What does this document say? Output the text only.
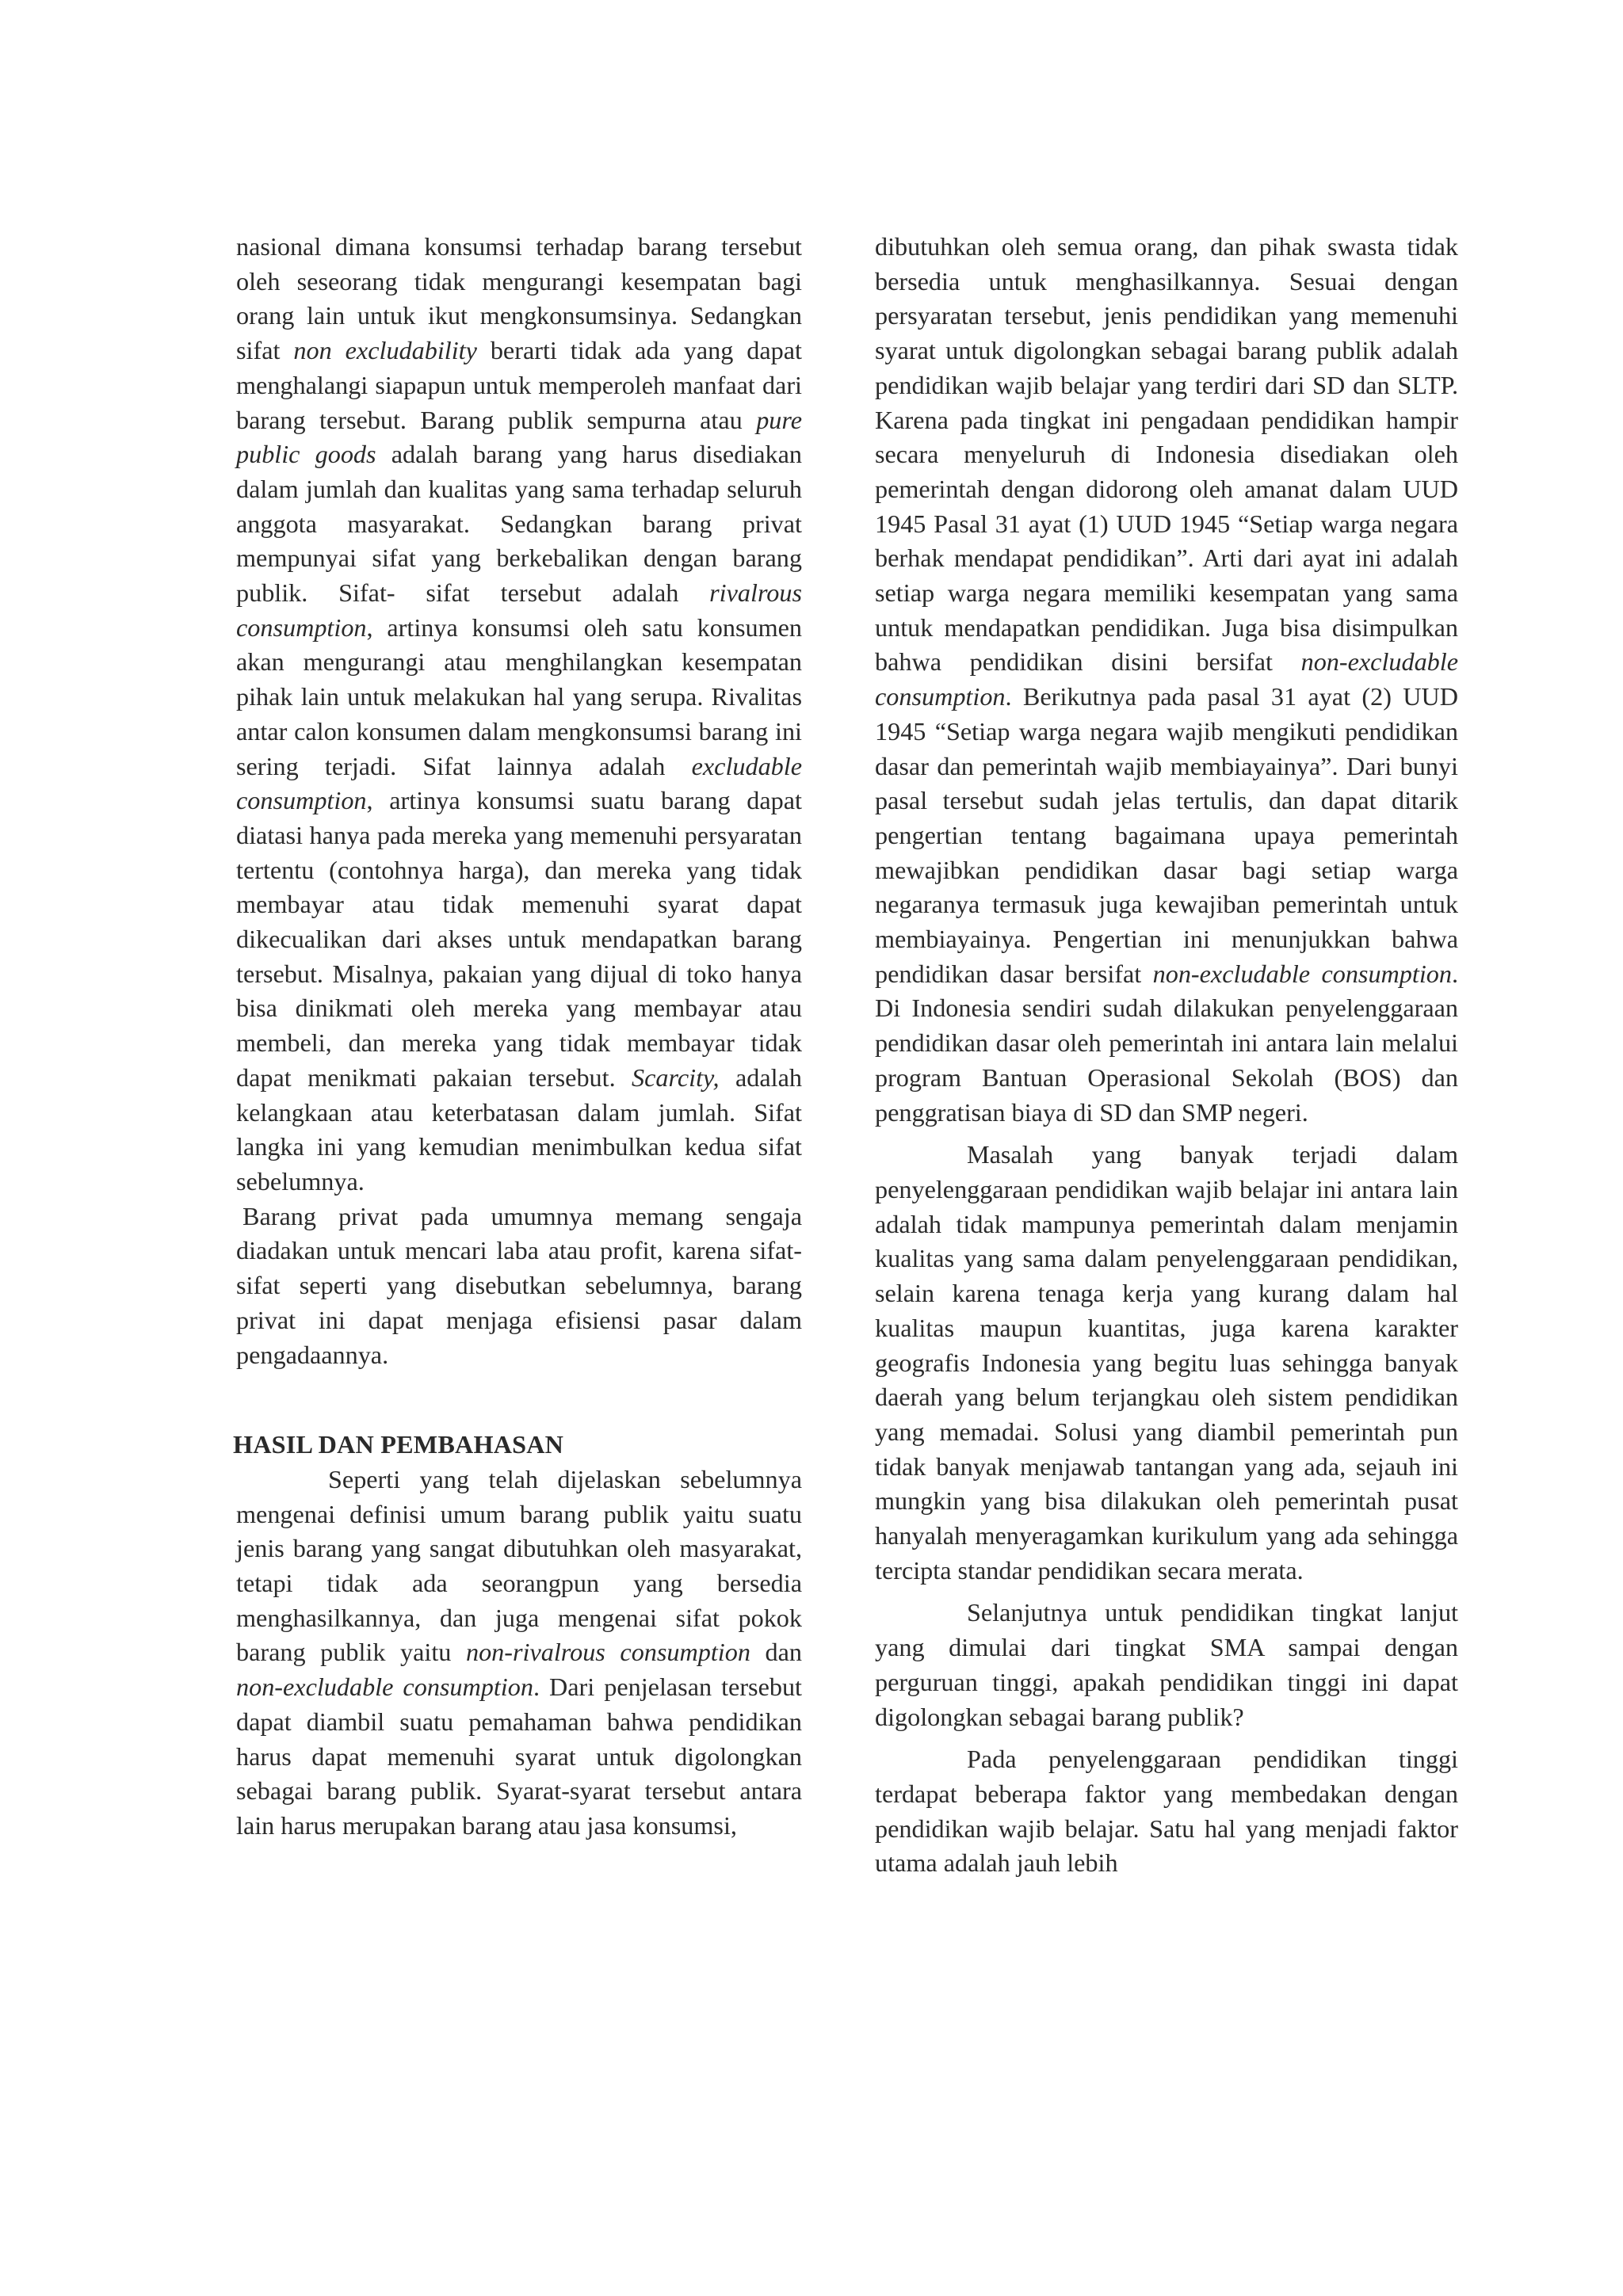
nasional dimana konsumsi terhadap barang tersebut oleh seseorang tidak mengurangi kesempatan bagi orang lain untuk ikut mengkonsumsinya. Sedangkan sifat non excludability berarti tidak ada yang dapat menghalangi siapapun untuk memperoleh manfaat dari barang tersebut. Barang publik sempurna atau pure public goods adalah barang yang harus disediakan dalam jumlah dan kualitas yang sama terhadap seluruh anggota masyarakat. Sedangkan barang privat mempunyai sifat yang berkebalikan dengan barang publik. Sifat- sifat tersebut adalah rivalrous consumption, artinya konsumsi oleh satu konsumen akan mengurangi atau menghilangkan kesempatan pihak lain untuk melakukan hal yang serupa. Rivalitas antar calon konsumen dalam mengkonsumsi barang ini sering terjadi. Sifat lainnya adalah excludable consumption, artinya konsumsi suatu barang dapat diatasi hanya pada mereka yang memenuhi persyaratan tertentu (contohnya harga), dan mereka yang tidak membayar atau tidak memenuhi syarat dapat dikecualikan dari akses untuk mendapatkan barang tersebut. Misalnya, pakaian yang dijual di toko hanya bisa dinikmati oleh mereka yang membayar atau membeli, dan mereka yang tidak membayar tidak dapat menikmati pakaian tersebut. Scarcity, adalah kelangkaan atau keterbatasan dalam jumlah. Sifat langka ini yang kemudian menimbulkan kedua sifat sebelumnya.

Barang privat pada umumnya memang sengaja diadakan untuk mencari laba atau profit, karena sifat-sifat seperti yang disebutkan sebelumnya, barang privat ini dapat menjaga efisiensi pasar dalam pengadaannya.

HASIL DAN PEMBAHASAN

Seperti yang telah dijelaskan sebelumnya mengenai definisi umum barang publik yaitu suatu jenis barang yang sangat dibutuhkan oleh masyarakat, tetapi tidak ada seorangpun yang bersedia menghasilkannya, dan juga mengenai sifat pokok barang publik yaitu non-rivalrous consumption dan non-excludable consumption. Dari penjelasan tersebut dapat diambil suatu pemahaman bahwa pendidikan harus dapat memenuhi syarat untuk digolongkan sebagai barang publik. Syarat-syarat tersebut antara lain harus merupakan barang atau jasa konsumsi,

dibutuhkan oleh semua orang, dan pihak swasta tidak bersedia untuk menghasilkannya. Sesuai dengan persyaratan tersebut, jenis pendidikan yang memenuhi syarat untuk digolongkan sebagai barang publik adalah pendidikan wajib belajar yang terdiri dari SD dan SLTP. Karena pada tingkat ini pengadaan pendidikan hampir secara menyeluruh di Indonesia disediakan oleh pemerintah dengan didorong oleh amanat dalam UUD 1945 Pasal 31 ayat (1) UUD 1945 “Setiap warga negara berhak mendapat pendidikan”. Arti dari ayat ini adalah setiap warga negara memiliki kesempatan yang sama untuk mendapatkan pendidikan. Juga bisa disimpulkan bahwa pendidikan disini bersifat non-excludable consumption. Berikutnya pada pasal 31 ayat (2) UUD 1945 “Setiap warga negara wajib mengikuti pendidikan dasar dan pemerintah wajib membiayainya”. Dari bunyi pasal tersebut sudah jelas tertulis, dan dapat ditarik pengertian tentang bagaimana upaya pemerintah mewajibkan pendidikan dasar bagi setiap warga negaranya termasuk juga kewajiban pemerintah untuk membiayainya. Pengertian ini menunjukkan bahwa pendidikan dasar bersifat non-excludable consumption. Di Indonesia sendiri sudah dilakukan penyelenggaraan pendidikan dasar oleh pemerintah ini antara lain melalui program Bantuan Operasional Sekolah (BOS) dan penggratisan biaya di SD dan SMP negeri.

Masalah yang banyak terjadi dalam penyelenggaraan pendidikan wajib belajar ini antara lain adalah tidak mampunya pemerintah dalam menjamin kualitas yang sama dalam penyelenggaraan pendidikan, selain karena tenaga kerja yang kurang dalam hal kualitas maupun kuantitas, juga karena karakter geografis Indonesia yang begitu luas sehingga banyak daerah yang belum terjangkau oleh sistem pendidikan yang memadai. Solusi yang diambil pemerintah pun tidak banyak menjawab tantangan yang ada, sejauh ini mungkin yang bisa dilakukan oleh pemerintah pusat hanyalah menyeragamkan kurikulum yang ada sehingga tercipta standar pendidikan secara merata.

Selanjutnya untuk pendidikan tingkat lanjut yang dimulai dari tingkat SMA sampai dengan perguruan tinggi, apakah pendidikan tinggi ini dapat digolongkan sebagai barang publik?

Pada penyelenggaraan pendidikan tinggi terdapat beberapa faktor yang membedakan dengan pendidikan wajib belajar. Satu hal yang menjadi faktor utama adalah jauh lebih
